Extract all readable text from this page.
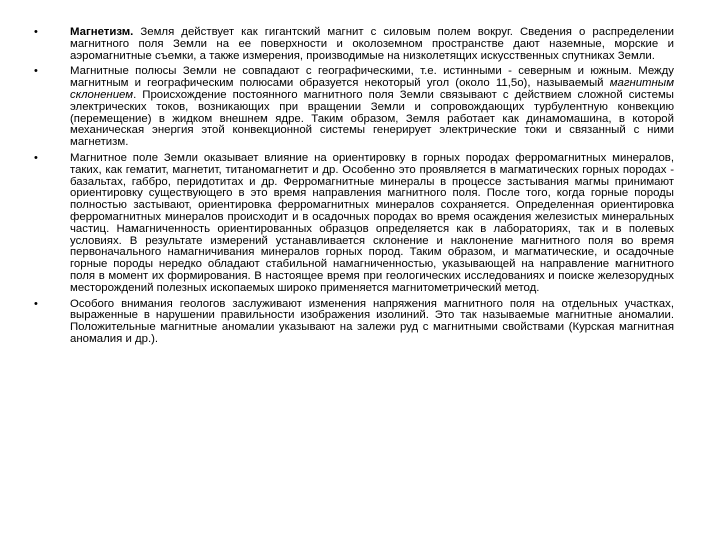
•	Магнетизм. Земля действует как гигантский магнит с силовым полем вокруг. Сведения о распределении магнитного поля Земли на ее поверхности и околоземном пространстве дают наземные, морские и аэромагнитные съемки, а также измерения, производимые на низколетящих искусственных спутниках Земли.
•	Магнитные полюсы Земли не совпадают с географическими, т.е. истинными - северным и южным. Между магнитным и географическим полюсами образуется некоторый угол (около 11,5о), называемый магнитным склонением. Происхождение постоянного магнитного поля Земли связывают с действием сложной системы электрических токов, возникающих при вращении Земли и сопровождающих турбулентную конвекцию (перемещение) в жидком внешнем ядре. Таким образом, Земля работает как динамомашина, в которой механическая энергия этой конвекционной системы генерирует электрические токи и связанный с ними магнетизм.
•	Магнитное поле Земли оказывает влияние на ориентировку в горных породах ферромагнитных минералов, таких, как гематит, магнетит, титаномагнетит и др. Особенно это проявляется в магматических горных породах - базальтах, габбро, перидотитах и др. Ферромагнитные минералы в процессе застывания магмы принимают ориентировку существующего в это время направления магнитного поля. После того, когда горные породы полностью застывают, ориентировка ферромагнитных минералов сохраняется. Определенная ориентировка ферромагнитных минералов происходит и в осадочных породах во время осаждения железистых минеральных частиц. Намагниченность ориентированных образцов определяется как в лабораториях, так и в полевых условиях. В результате измерений устанавливается склонение и наклонение магнитного поля во время первоначального намагничивания минералов горных пород. Таким образом, и магматические, и осадочные горные породы нередко обладают стабильной намагниченностью, указывающей на направление магнитного поля в момент их формирования. В настоящее время при геологических исследованиях и поиске железорудных месторождений полезных ископаемых широко применяется магнитометрический метод.
•	Особого внимания геологов заслуживают изменения напряжения магнитного поля на отдельных участках, выраженные в нарушении правильности изображения изолиний. Это так называемые магнитные аномалии. Положительные магнитные аномалии указывают на залежи руд с магнитными свойствами (Курская магнитная аномалия и др.).
